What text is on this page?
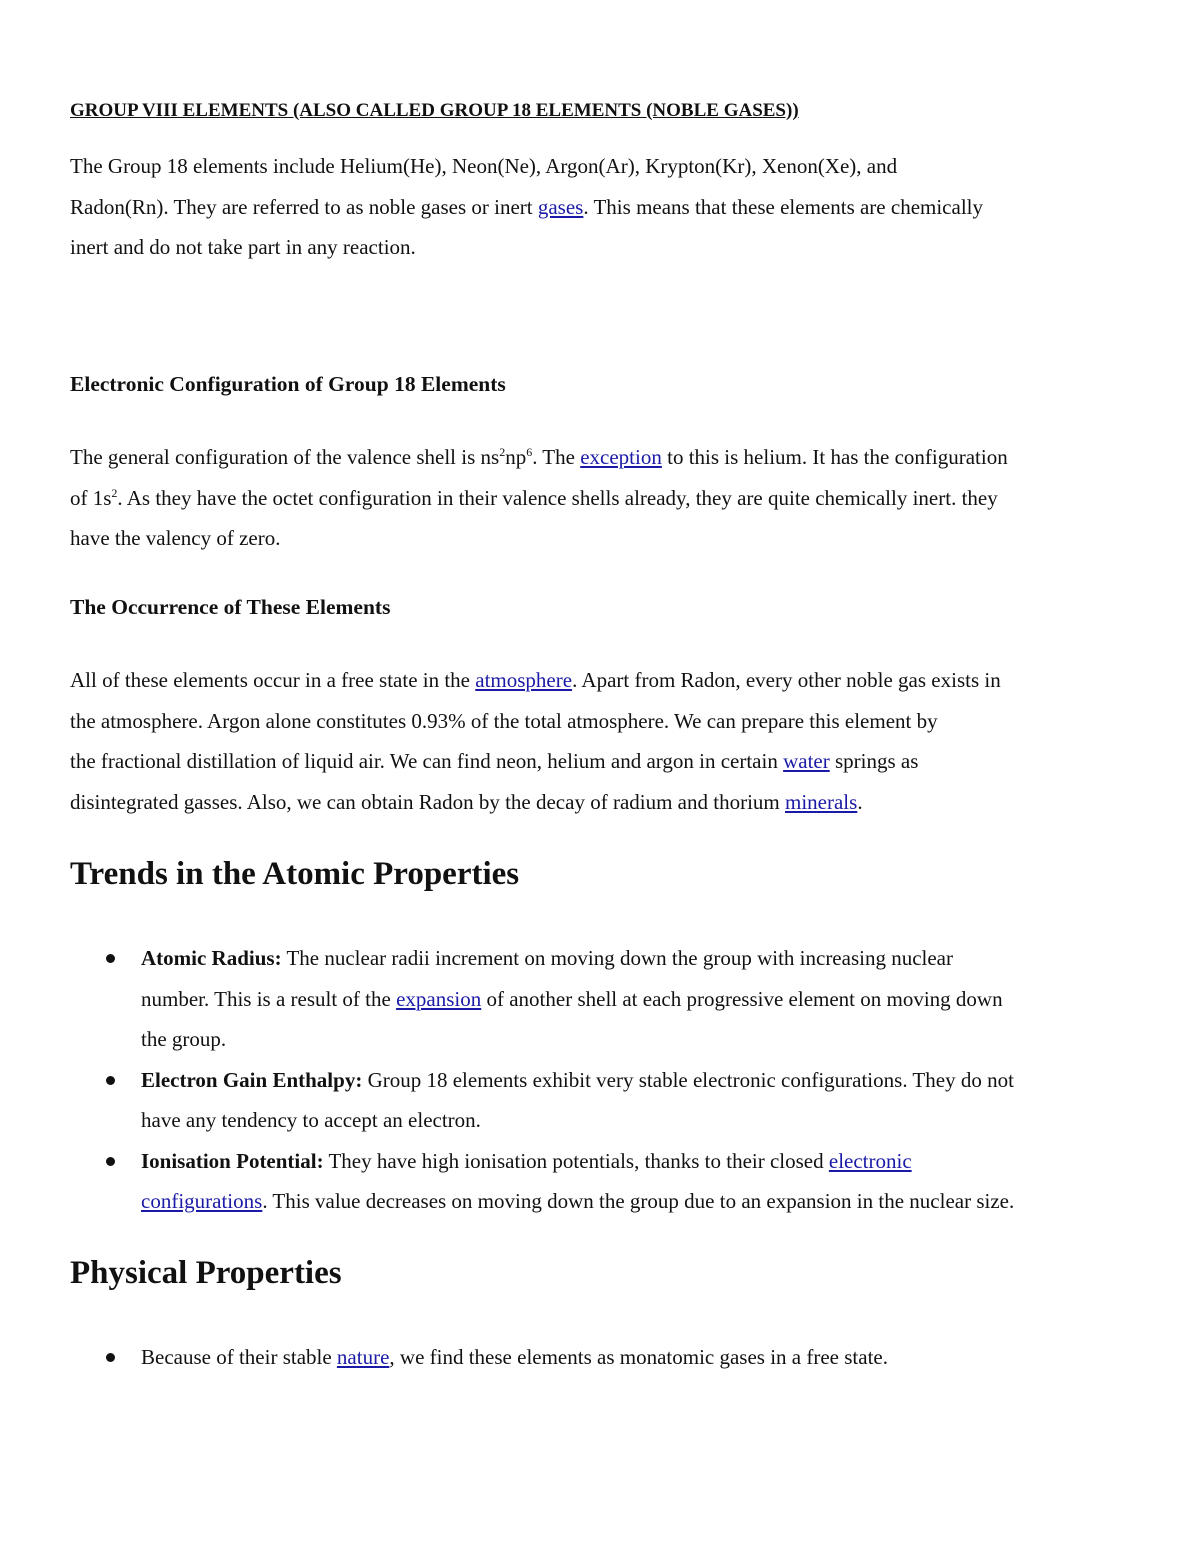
GROUP VIII ELEMENTS (ALSO CALLED GROUP 18 ELEMENTS (NOBLE GASES))

The Group 18 elements include Helium(He), Neon(Ne), Argon(Ar), Krypton(Kr), Xenon(Xe), and
Radon(Rn). They are referred to as noble gases or inert gases. This means that these elements are chemically
inert and do not take part in any reaction.

Electronic Configuration of Group 18 Elements

The general configuration of the valence shell is $ns^2np^6$. The exception to this is helium. It has the configuration
of $1s^2$. As they have the octet configuration in their valence shells already, they are quite chemically inert. they
have the valency of zero.

The Occurrence of These Elements

All of these elements occur in a free state in the atmosphere. Apart from Radon, every other noble gas exists in
the atmosphere. Argon alone constitutes 0.93% of the total atmosphere. We can prepare this element by
the fractional distillation of liquid air. We can find neon, helium and argon in certain water springs as
disintegrated gasses. Also, we can obtain Radon by the decay of radium and thorium minerals.

Trends in the Atomic Properties
Atomic Radius: The nuclear radii increment on moving down the group with increasing nuclear
number. This is a result of the expansion of another shell at each progressive element on moving down
the group.
Electron Gain Enthalpy: Group 18 elements exhibit very stable electronic configurations. They do not
have any tendency to accept an electron.
Ionisation Potential: They have high ionisation potentials, thanks to their closed electronic
configurations. This value decreases on moving down the group due to an expansion in the nuclear size.
Physical Properties
Because of their stable nature, we find these elements as monatomic gases in a free state.
